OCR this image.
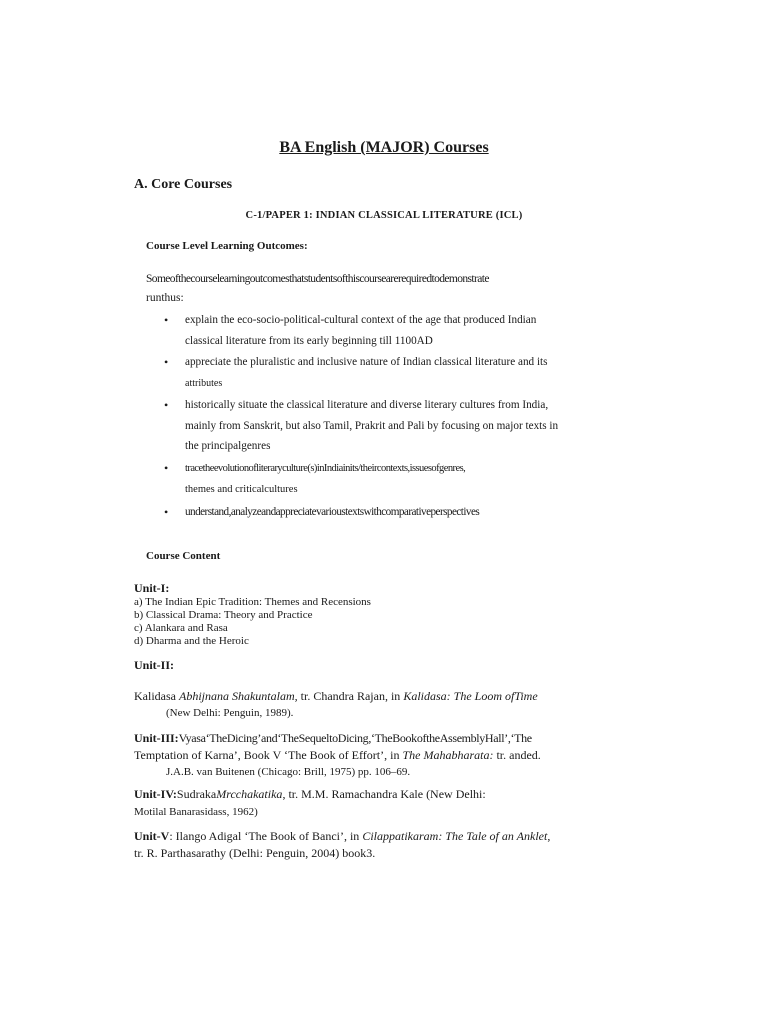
BA English (MAJOR) Courses
A. Core Courses
C-1/PAPER 1: INDIAN CLASSICAL LITERATURE (ICL)
Course Level Learning Outcomes:
Someofthecourselearningoutcomesthatstudentsofthiscoursearerequiredtodemonstrate
runthus:
• explain the eco-socio-political-cultural context of the age that produced Indian
classical literature from its early beginning till 1100AD
• appreciate the pluralistic and inclusive nature of Indian classical literature and its
attributes
• historically situate the classical literature and diverse literary cultures from India,
mainly from Sanskrit, but also Tamil, Prakrit and Pali by focusing on major texts in
the principalgenres
• tracetheevolutionofliteraryculture(s)inIndiainits/theircontexts,issuesofgenres,
themes and criticalcultures
• understand,analyzeandappreciatevarioustextswithcomparativeperspectives
Course Content
Unit-I:
a) The Indian Epic Tradition: Themes and Recensions
b) Classical Drama: Theory and Practice
c) Alankara and Rasa
d) Dharma and the Heroic
Unit-II:
Kalidasa Abhijnana Shakuntalam, tr. Chandra Rajan, in Kalidasa: The Loom ofTime
(New Delhi: Penguin, 1989).
Unit-III:Vyasa‘TheDicing’and‘TheSequeltoDicing,‘TheBookoftheAssemblyHall’,‘The
Temptation of Karna’, Book V ‘The Book of Effort’, in The Mahabharata: tr. anded.
J.A.B. van Buitenen (Chicago: Brill, 1975) pp. 106–69.
Unit-IV:SudrakaMrcchakatika, tr. M.M. Ramachandra Kale (New Delhi:
Motilal Banarasidass, 1962)
Unit-V: Ilango Adigal ‘The Book of Banci’, in Cilappatikaram: The Tale of an Anklet,
tr. R. Parthasarathy (Delhi: Penguin, 2004) book3.
